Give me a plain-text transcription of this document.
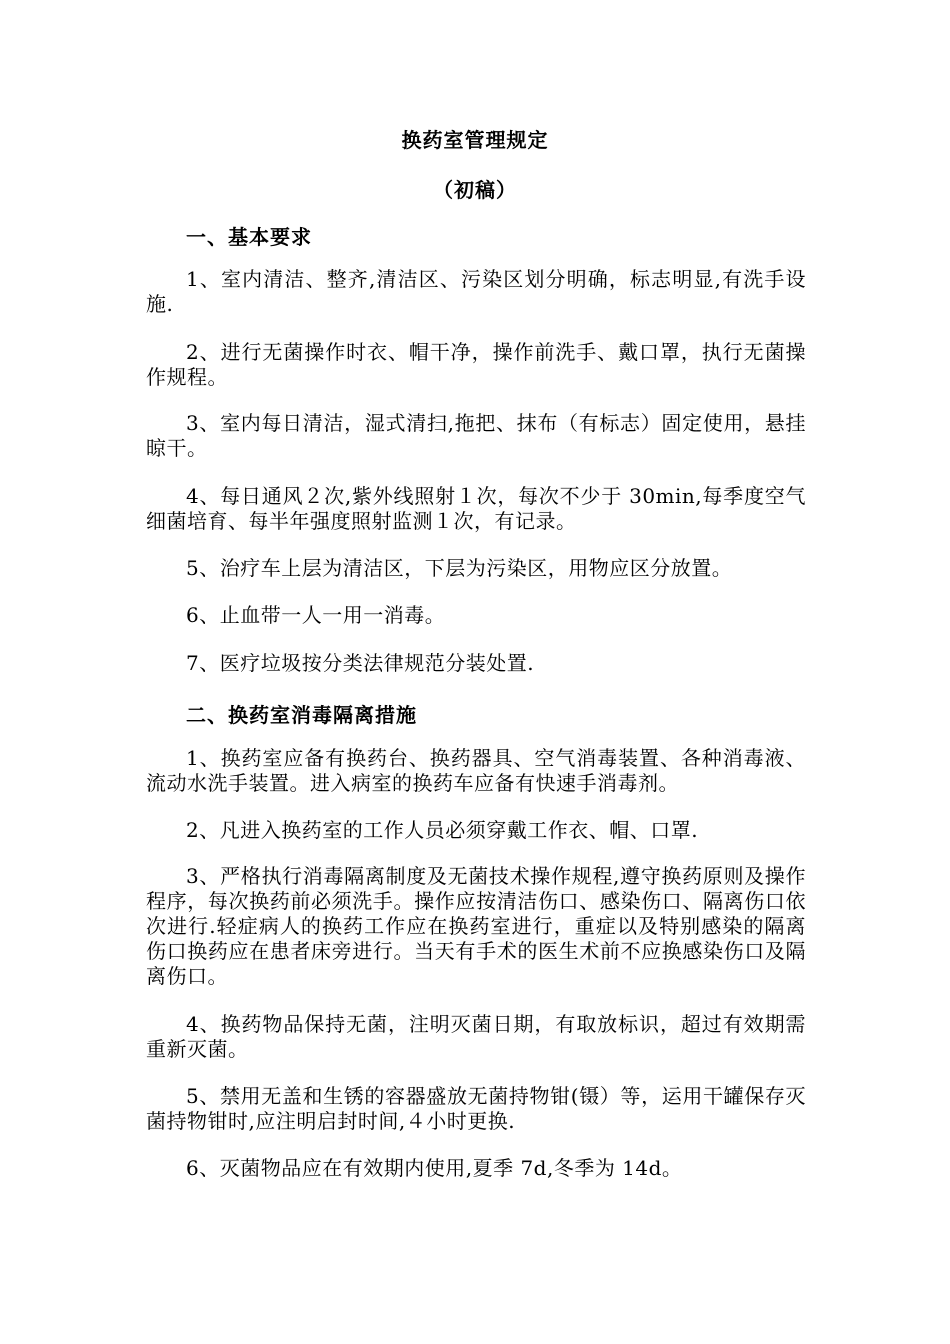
换药室管理规定
（初稿）
一、基本要求
1、室内清洁、整齐,清洁区、污染区划分明确，标志明显,有洗手设施.
2、进行无菌操作时衣、帽干净，操作前洗手、戴口罩，执行无菌操作规程。
3、室内每日清洁，湿式清扫,拖把、抹布（有标志）固定使用，悬挂晾干。
4、每日通风２次,紫外线照射１次，每次不少于 30min,每季度空气细菌培育、每半年强度照射监测１次，有记录。
5、治疗车上层为清洁区，下层为污染区，用物应区分放置。
6、止血带一人一用一消毒。
7、医疗垃圾按分类法律规范分装处置.
二、换药室消毒隔离措施
1、换药室应备有换药台、换药器具、空气消毒装置、各种消毒液、流动水洗手装置。进入病室的换药车应备有快速手消毒剂。
2、凡进入换药室的工作人员必须穿戴工作衣、帽、口罩.
3、严格执行消毒隔离制度及无菌技术操作规程,遵守换药原则及操作程序，每次换药前必须洗手。操作应按清洁伤口、感染伤口、隔离伤口依次进行.轻症病人的换药工作应在换药室进行，重症以及特别感染的隔离伤口换药应在患者床旁进行。当天有手术的医生术前不应换感染伤口及隔离伤口。
4、换药物品保持无菌，注明灭菌日期，有取放标识，超过有效期需重新灭菌。
5、禁用无盖和生锈的容器盛放无菌持物钳(镊）等，运用干罐保存灭菌持物钳时,应注明启封时间,４小时更换.
6、灭菌物品应在有效期内使用,夏季 7d,冬季为 14d。
